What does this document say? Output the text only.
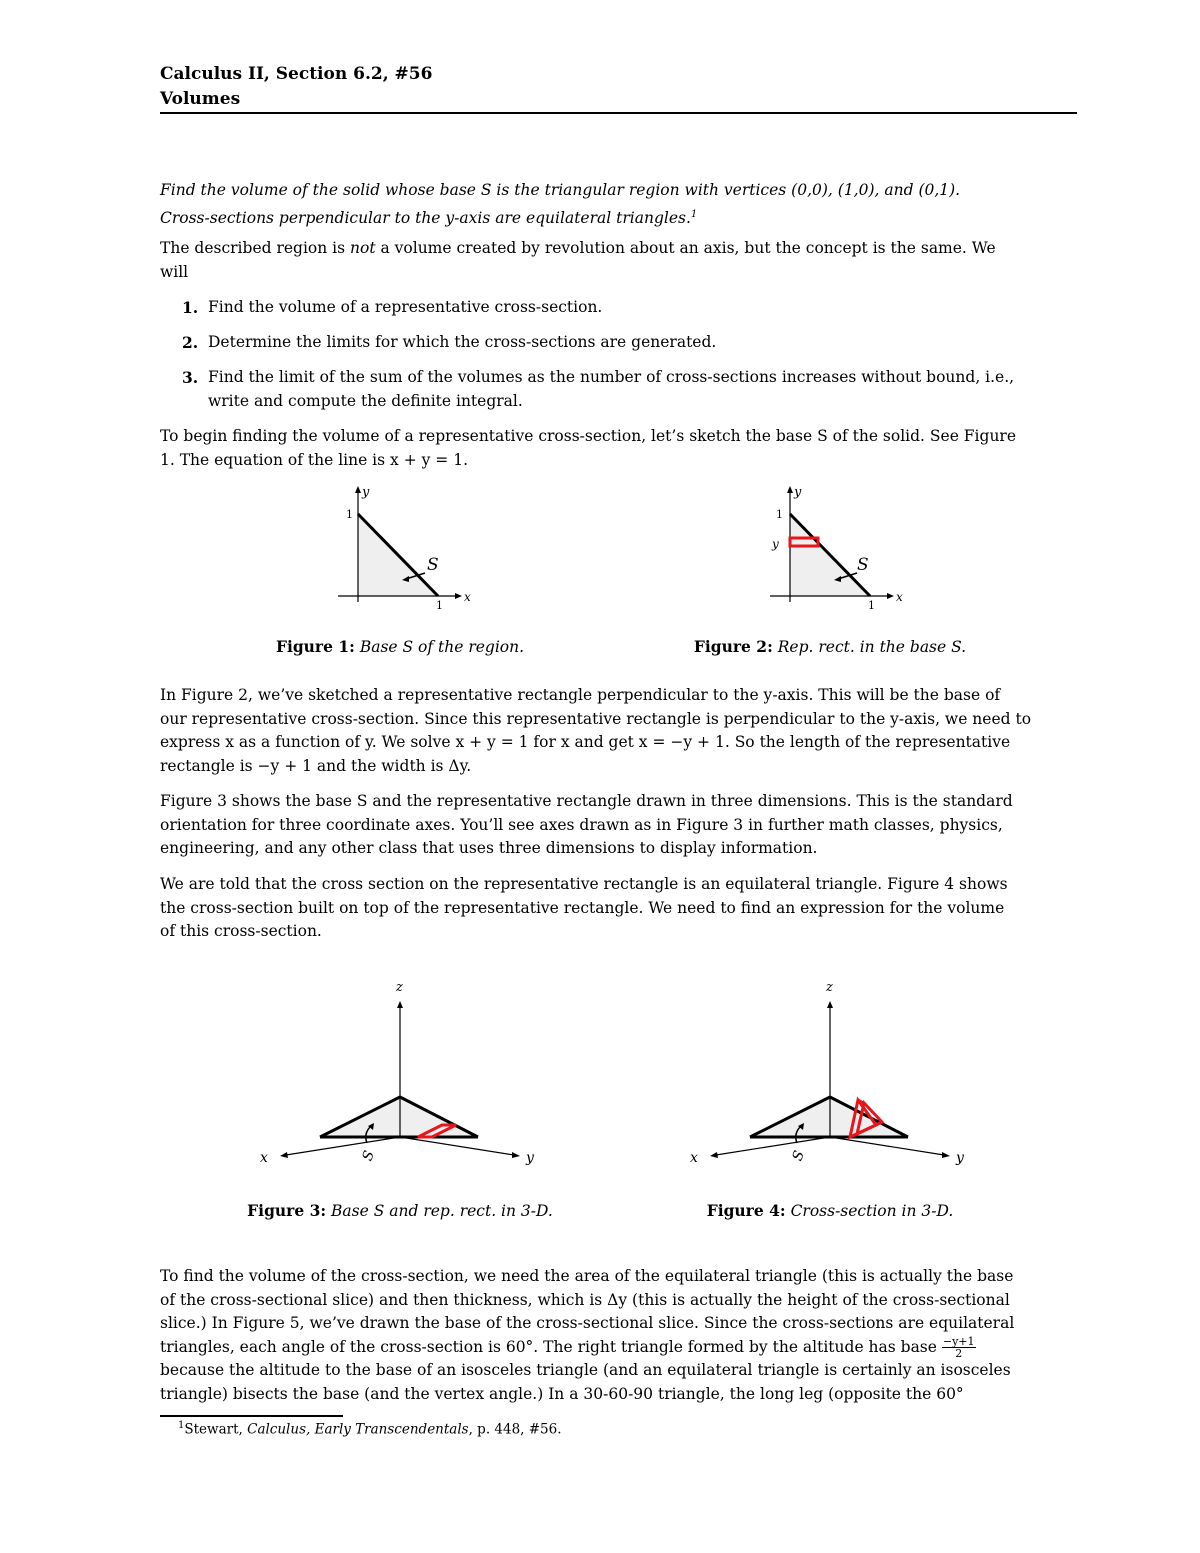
Calculus II, Section 6.2, #56
Volumes
Find the volume of the solid whose base S is the triangular region with vertices (0,0), (1,0), and (0,1).
Cross-sections perpendicular to the y-axis are equilateral triangles.$^1$
The described region is not a volume created by revolution about an axis, but the concept is the same. We
will
1. Find the volume of a representative cross-section.
2. Determine the limits for which the cross-sections are generated.
3. Find the limit of the sum of the volumes as the number of cross-sections increases without bound, i.e.,
write and compute the definite integral.
To begin finding the volume of a representative cross-section, let’s sketch the base S of the solid. See Figure
1. The equation of the line is x + y = 1.
y
x
1
1
S
Figure 1: Base S of the region.
y
x
1
y
1
S
Figure 2: Rep. rect. in the base S.
In Figure 2, we’ve sketched a representative rectangle perpendicular to the y-axis. This will be the base of
our representative cross-section. Since this representative rectangle is perpendicular to the y-axis, we need to
express x as a function of y. We solve x + y = 1 for x and get x = −y + 1. So the length of the representative
rectangle is −y + 1 and the width is Δy.
Figure 3 shows the base S and the representative rectangle drawn in three dimensions. This is the standard
orientation for three coordinate axes. You’ll see axes drawn as in Figure 3 in further math classes, physics,
engineering, and any other class that uses three dimensions to display information.
We are told that the cross section on the representative rectangle is an equilateral triangle. Figure 4 shows
the cross-section built on top of the representative rectangle. We need to find an expression for the volume
of this cross-section.
z
x	y
S
Figure 3: Base S and rep. rect. in 3-D.
z
x	y
S
Figure 4: Cross-section in 3-D.
To find the volume of the cross-section, we need the area of the equilateral triangle (this is actually the base
of the cross-sectional slice) and then thickness, which is Δy (this is actually the height of the cross-sectional
slice.) In Figure 5, we’ve drawn the base of the cross-sectional slice. Since the cross-sections are equilateral
triangles, each angle of the cross-section is 60°. The right triangle formed by the altitude has base $\frac{-y+1}{2}$

because the altitude to the base of an isosceles triangle (and an equilateral triangle is certainly an isosceles
triangle) bisects the base (and the vertex angle.) In a 30-60-90 triangle, the long leg (opposite the 60°
$^1$Stewart, Calculus, Early Transcendentals, p. 448, #56.
